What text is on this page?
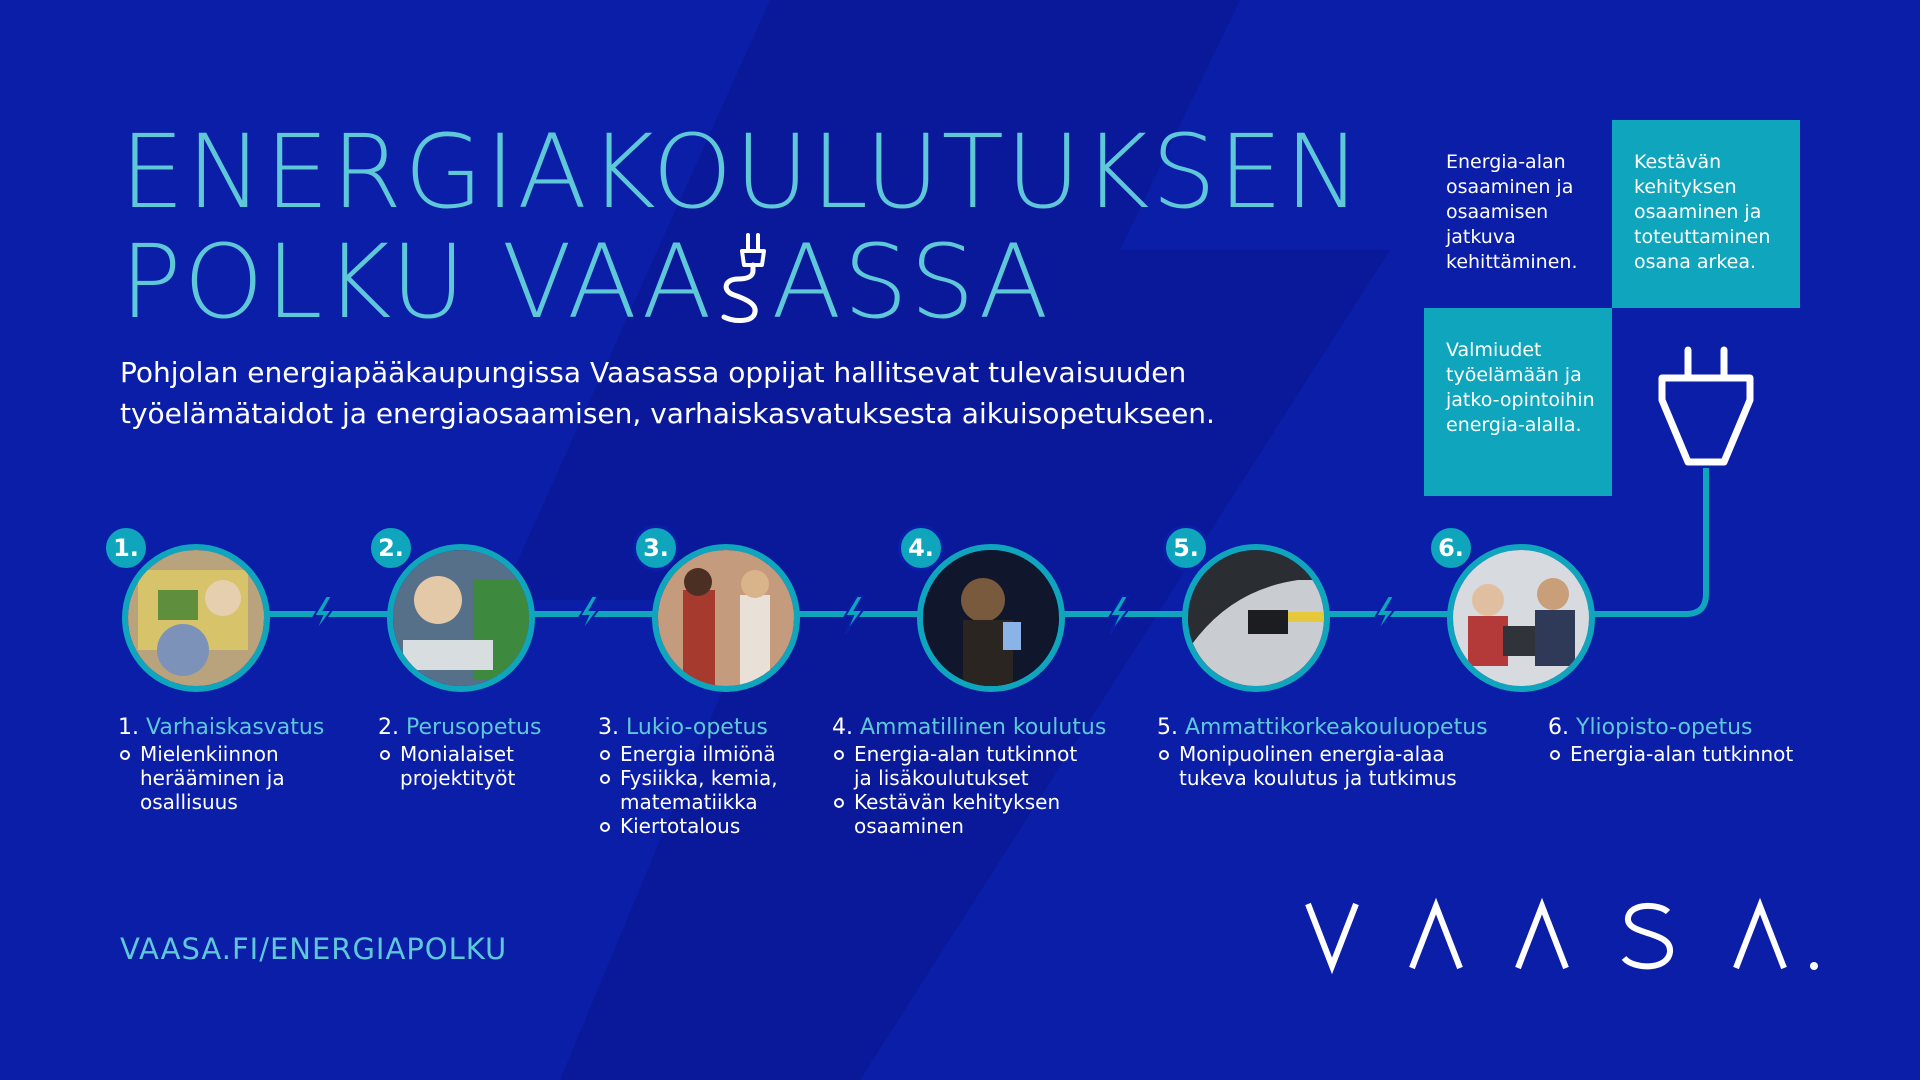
ENERGIAKOULUTUKSEN
POLKU VAA ASSA
Pohjolan energiapääkaupungissa Vaasassa oppijat hallitsevat tulevaisuuden työelämätaidot ja energiaosaamisen, varhaiskasvatuksesta aikuisopetukseen.
Energia-alan osaaminen ja osaamisen jatkuva kehittäminen.
Kestävän kehityksen osaaminen ja toteuttaminen osana arkea.
Valmiudet työelämään ja jatko-opintoihin energia-alalla.
1.	2.	3.	4.	5.	6.
1. Varhaiskasvatus
Mielenkiinnon herääminen ja osallisuus
2. Perusopetus
Monialaiset projektityöt
3. Lukio-opetus
Energia ilmiönä
Fysiikka, kemia, matematiikka
Kiertotalous
4. Ammatillinen koulutus
Energia-alan tutkinnot ja lisäkoulutukset
Kestävän kehityksen osaaminen
5. Ammattikorkeakouluopetus
Monipuolinen energia-alaa tukeva koulutus ja tutkimus
6. Yliopisto-opetus
Energia-alan tutkinnot
VAASA.FI/ENERGIAPOLKU
